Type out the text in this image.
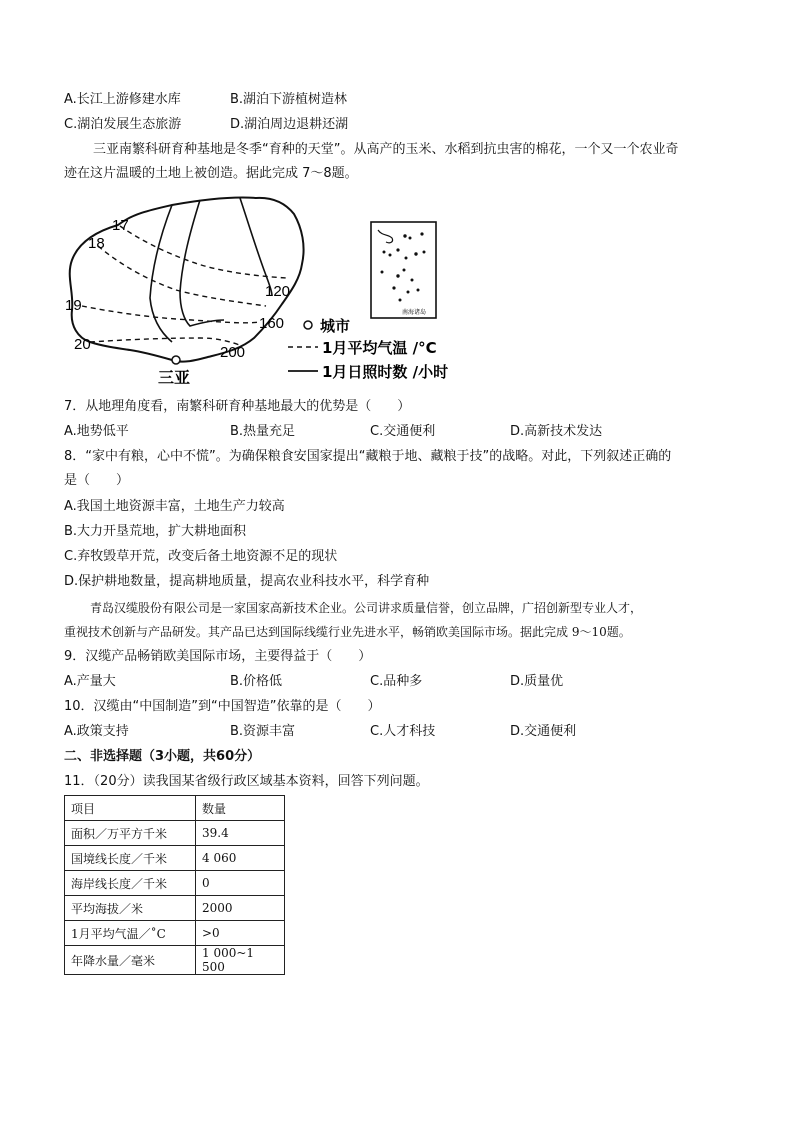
A.长江上游修建水库	B.湖泊下游植树造林
C.湖泊发展生态旅游	D.湖泊周边退耕还湖
三亚南繁科研育种基地是冬季“育种的天堂”。从高产的玉米、水稻到抗虫害的棉花，一个又一个农业奇
迹在这片温暖的土地上被创造。据此完成 7～8题。
17
18
19
20
120
160
200
三亚
南海诸岛
城市
1月平均气温 /°C
1月日照时数 /小时
7．从地理角度看，南繁科研育种基地最大的优势是（　　）
A.地势低平	B.热量充足	C.交通便利	D.高新技术发达
8．“家中有粮，心中不慌”。为确保粮食安国家提出“藏粮于地、藏粮于技”的战略。对此，下列叙述正确的
是（　　）
A.我国土地资源丰富，土地生产力较高
B.大力开垦荒地，扩大耕地面积
C.弃牧毁草开荒，改变后备土地资源不足的现状
D.保护耕地数量，提高耕地质量，提高农业科技水平，科学育种
青岛汉缆股份有限公司是一家国家高新技术企业。公司讲求质量信誉，创立品牌，广招创新型专业人才，
重视技术创新与产品研发。其产品已达到国际线缆行业先进水平，畅销欧美国际市场。据此完成 9～10题。
9．汉缆产品畅销欧美国际市场，主要得益于（　　）
A.产量大	B.价格低	C.品种多	D.质量优
10．汉缆由“中国制造”到“中国智造”依靠的是（　　）
A.政策支持	B.资源丰富	C.人才科技	D.交通便利
二、非选择题（3小题，共60分）
11．（20分）读我国某省级行政区域基本资料，回答下列问题。
项目	数量
面积／万平方千米	39.4
国境线长度／千米	4 060
海岸线长度／千米	0
平均海拔／米	2000
1月平均气温／˚C	>0
年降水量／毫米	1 000~1 500
